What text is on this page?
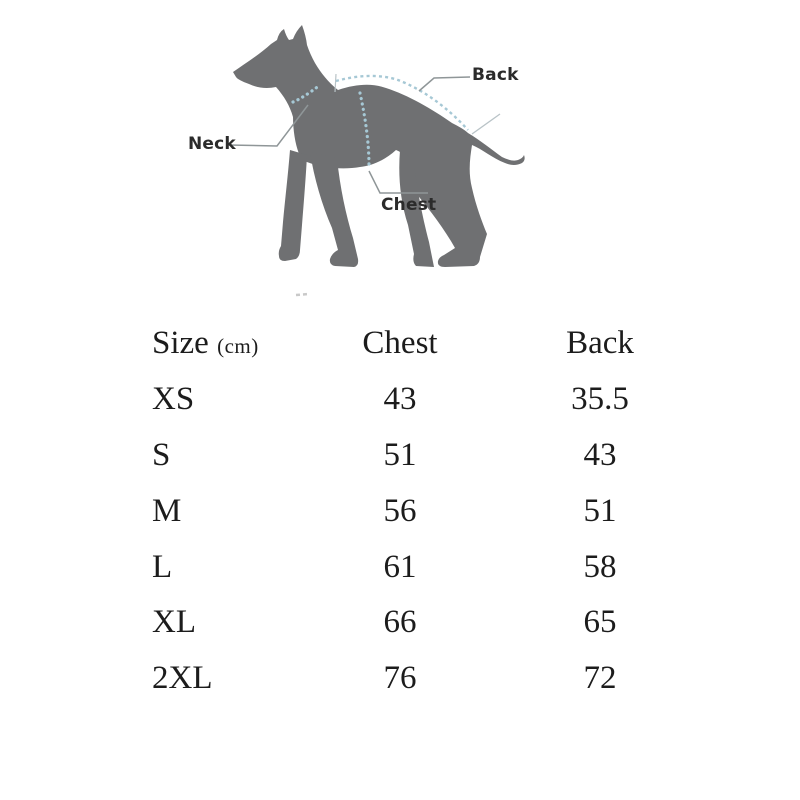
Neck
Back
Chest
Size (cm)	Chest	Back
XS	43	35.5
S	51	43
M	56	51
L	61	58
XL	66	65
2XL	76	72
